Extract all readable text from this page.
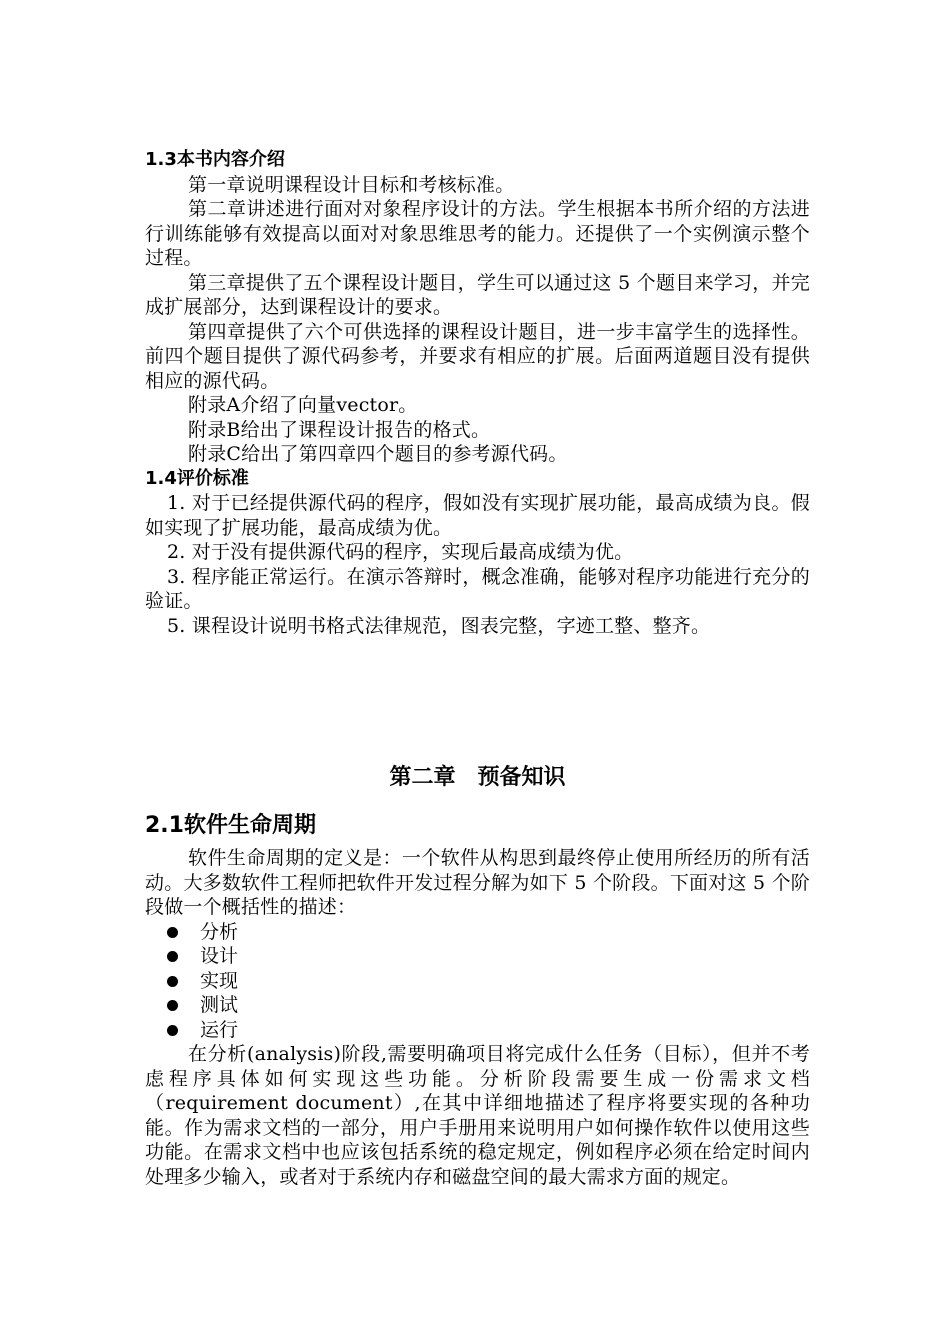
1.3本书内容介绍

第一章说明课程设计目标和考核标准。

第二章讲述进行面对对象程序设计的方法。学生根据本书所介绍的方法进行训练能够有效提高以面对对象思维思考的能力。还提供了一个实例演示整个过程。

第三章提供了五个课程设计题目，学生可以通过这 5 个题目来学习，并完成扩展部分，达到课程设计的要求。

第四章提供了六个可供选择的课程设计题目，进一步丰富学生的选择性。前四个题目提供了源代码参考，并要求有相应的扩展。后面两道题目没有提供相应的源代码。

附录A介绍了向量vector。

附录B给出了课程设计报告的格式。

附录C给出了第四章四个题目的参考源代码。

1.4评价标准

1. 对于已经提供源代码的程序，假如没有实现扩展功能，最高成绩为良。假如实现了扩展功能，最高成绩为优。

2. 对于没有提供源代码的程序，实现后最高成绩为优。

3. 程序能正常运行。在演示答辩时，概念准确，能够对程序功能进行充分的验证。

5. 课程设计说明书格式法律规范，图表完整，字迹工整、整齐。

第二章　预备知识
2.1软件生命周期

软件生命周期的定义是：一个软件从构思到最终停止使用所经历的所有活动。大多数软件工程师把软件开发过程分解为如下 5 个阶段。下面对这 5 个阶段做一个概括性的描述：

分析
设计
实现
测试
运行

在分析(analysis)阶段,需要明确项目将完成什么任务（目标），但并不考虑程序具体如何实现这些功能。分析阶段需要生成一份需求文档（requirement document）,在其中详细地描述了程序将要实现的各种功能。作为需求文档的一部分，用户手册用来说明用户如何操作软件以使用这些功能。在需求文档中也应该包括系统的稳定规定，例如程序必须在给定时间内处理多少输入，或者对于系统内存和磁盘空间的最大需求方面的规定。
